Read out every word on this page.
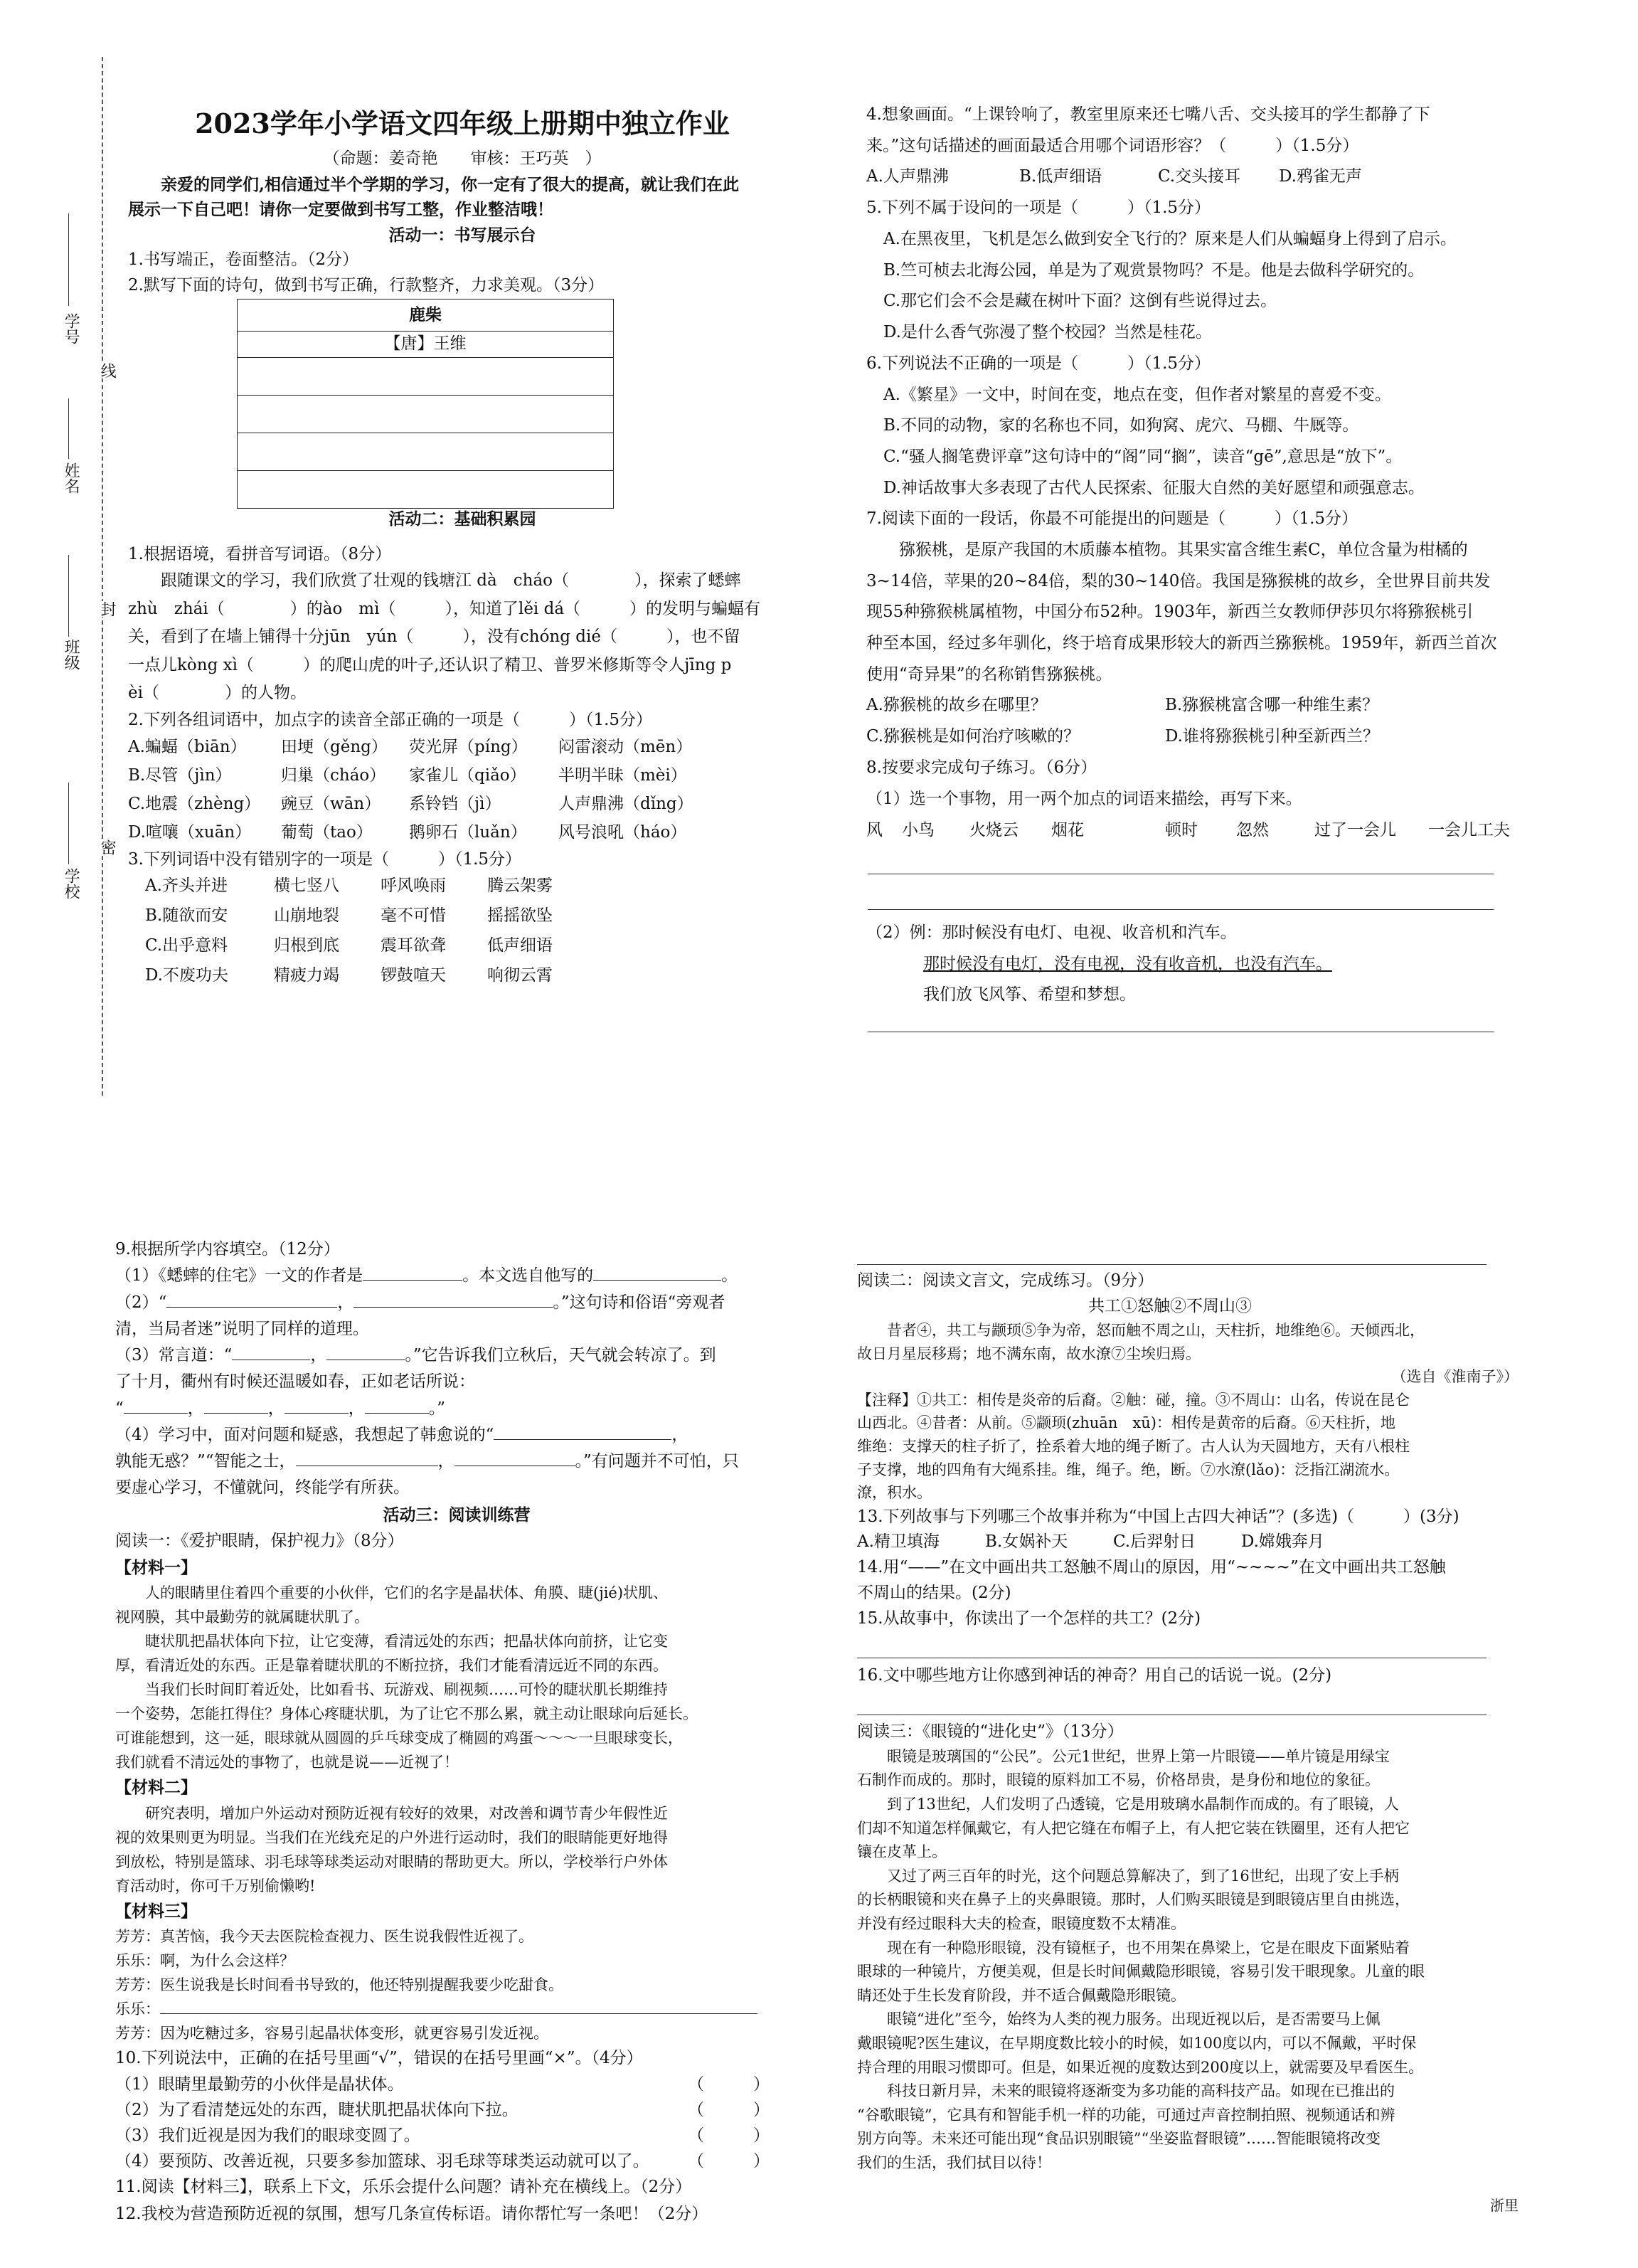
学号
姓名
班级
学校
线
封
密

2023学年小学语文四年级上册期中独立作业

（命题：姜奇艳　　审核：王巧英　）

亲爱的同学们,相信通过半个学期的学习，你一定有了很大的提高，就让我们在此

展示一下自己吧！请你一定要做到书写工整，作业整洁哦！

活动一：书写展示台

1.书写端正，卷面整洁。（2分）

2.默写下面的诗句，做到书写正确，行款整齐，力求美观。（3分）

鹿柴
【唐】王维

活动二：基础积累园

1.根据语境，看拼音写词语。（8分）

跟随课文的学习，我们欣赏了壮观的钱塘江 dà　cháo（　　　　），探索了蟋蟀

zhù　zhái（　　　　）的ào　mì（　　　），知道了lěi dá（　　　）的发明与蝙蝠有

关，看到了在墙上铺得十分jūn　yún（　　　），没有chóng dié（　　　），也不留

一点儿kòng xì（　　　）的爬山虎的叶子,还认识了精卫、普罗米修斯等令人jīng p

èi（　　　　）的人物。

2.下列各组词语中，加点字的读音全部正确的一项是（　　　）（1.5分）

A.蝙蝠（biān） 田埂（gěng） 荧光屏（píng） 闷雷滚动（mēn）
B.尽管（jìn）	归巢（cháo） 家雀儿（qiǎo） 半明半昧（mèi）
C.地震（zhèng） 豌豆（wān） 系铃铛（jì）	人声鼎沸（dǐng）
D.喧嚷（xuān） 葡萄（tao） 鹅卵石（luǎn） 风号浪吼（háo）

3.下列词语中没有错别字的一项是（　　　）（1.5分）

A.齐头并进	横七竖八	呼风唤雨	腾云架雾
B.随欲而安	山崩地裂	毫不可惜	摇摇欲坠
C.出乎意料	归根到底	震耳欲聋	低声细语
D.不废功夫	精疲力竭	锣鼓喧天	响彻云霄

4.想象画面。“上课铃响了，教室里原来还七嘴八舌、交头接耳的学生都静了下

来。”这句话描述的画面最适合用哪个词语形容？（　　　）（1.5分）

A.人声鼎沸	B.低声细语	C.交头接耳 D.鸦雀无声

5.下列不属于设问的一项是（　　　）（1.5分）

A.在黑夜里，飞机是怎么做到安全飞行的？原来是人们从蝙蝠身上得到了启示。

B.竺可桢去北海公园，单是为了观赏景物吗？不是。他是去做科学研究的。

C.那它们会不会是藏在树叶下面？这倒有些说得过去。

D.是什么香气弥漫了整个校园？当然是桂花。

6.下列说法不正确的一项是（　　　）（1.5分）

A.《繁星》一文中，时间在变，地点在变，但作者对繁星的喜爱不变。

B.不同的动物，家的名称也不同，如狗窝、虎穴、马棚、牛厩等。

C.“骚人搁笔费评章”这句诗中的“阁”同“搁”，读音“gē”,意思是“放下”。

D.神话故事大多表现了古代人民探索、征服大自然的美好愿望和顽强意志。

7.阅读下面的一段话，你最不可能提出的问题是（　　　）（1.5分）

猕猴桃，是原产我国的木质藤本植物。其果实富含维生素C，单位含量为柑橘的

3~14倍，苹果的20~84倍，梨的30~140倍。我国是猕猴桃的故乡，全世界目前共发

现55种猕猴桃属植物，中国分布52种。1903年，新西兰女教师伊莎贝尔将猕猴桃引

种至本国，经过多年驯化，终于培育成果形较大的新西兰猕猴桃。1959年，新西兰首次

使用“奇异果”的名称销售猕猴桃。

A.猕猴桃的故乡在哪里？	B.猕猴桃富含哪一种维生素？
C.猕猴桃是如何治疗咳嗽的？	D.谁将猕猴桃引种至新西兰？

8.按要求完成句子练习。（6分）

（1）选一个事物，用一两个加点的词语来描绘，再写下来。

风 小鸟 火烧云 烟花	顿时 忽然	过了一会儿 一会儿工夫

（2）例：那时候没有电灯、电视、收音机和汽车。

那时候没有电灯，没有电视，没有收音机，也没有汽车。

我们放飞风筝、希望和梦想。

9.根据所学内容填空。（12分）

（1）《蟋蟀的住宅》一文的作者是	。本文选自他写的	。

（2）“	，	。”这句诗和俗语“旁观者

清，当局者迷”说明了同样的道理。

（3）常言道：“	，	。”它告诉我们立秋后，天气就会转凉了。到

了十月，衢州有时候还温暖如春，正如老话所说：

“	，	，	，	。”

（4）学习中，面对问题和疑惑，我想起了韩愈说的“	，

孰能无惑？”“智能之士，	，	。”有问题并不可怕，只

要虚心学习，不懂就问，终能学有所获。

活动三：阅读训练营

阅读一：《爱护眼睛，保护视力》（8分）

【材料一】

人的眼睛里住着四个重要的小伙伴，它们的名字是晶状体、角膜、睫(jié)状肌、

视网膜，其中最勤劳的就属睫状肌了。

睫状肌把晶状体向下拉，让它变薄，看清远处的东西；把晶状体向前挤，让它变

厚，看清近处的东西。正是靠着睫状肌的不断拉挤，我们才能看清远近不同的东西。

当我们长时间盯着近处，比如看书、玩游戏、刷视频……可怜的睫状肌长期维持

一个姿势，怎能扛得住？身体心疼睫状肌，为了让它不那么累，就主动让眼球向后延长。

可谁能想到，这一延，眼球就从圆圆的乒乓球变成了椭圆的鸡蛋～～～一旦眼球变长，

我们就看不清远处的事物了，也就是说——近视了！

【材料二】

研究表明，增加户外运动对预防近视有较好的效果，对改善和调节青少年假性近

视的效果则更为明显。当我们在光线充足的户外进行运动时，我们的眼睛能更好地得

到放松，特别是篮球、羽毛球等球类运动对眼睛的帮助更大。所以，学校举行户外体

育活动时，你可千万别偷懒哟!

【材料三】

芳芳：真苦恼，我今天去医院检查视力、医生说我假性近视了。

乐乐：啊，为什么会这样？

芳芳：医生说我是长时间看书导致的，他还特别提醒我要少吃甜食。

乐乐：

芳芳：因为吃糖过多，容易引起晶状体变形，就更容易引发近视。

10.下列说法中，正确的在括号里画“√”，错误的在括号里画“×”。（4分）

（1）眼睛里最勤劳的小伙伴是晶状体。	（　　　）
（2）为了看清楚远处的东西，睫状肌把晶状体向下拉。	（　　　）
（3）我们近视是因为我们的眼球变圆了。	（　　　）
（4）要预防、改善近视，只要多参加篮球、羽毛球等球类运动就可以了。 （　　　）

11.阅读【材料三】，联系上下文，乐乐会提什么问题？请补充在横线上。（2分）

12.我校为营造预防近视的氛围，想写几条宣传标语。请你帮忙写一条吧！（2分）

阅读二：阅读文言文，完成练习。（9分）

共工①怒触②不周山③

昔者④，共工与颛顼⑤争为帝，怒而触不周之山，天柱折，地维绝⑥。天倾西北，

故日月星辰移焉；地不满东南，故水潦⑦尘埃归焉。

（选自《淮南子》）

【注释】①共工：相传是炎帝的后裔。②触：碰，撞。③不周山：山名，传说在昆仑

山西北。④昔者：从前。⑤颛顼(zhuān　xū)：相传是黄帝的后裔。⑥天柱折，地

维绝：支撑天的柱子折了，拴系着大地的绳子断了。古人认为天圆地方，天有八根柱

子支撑，地的四角有大绳系挂。维，绳子。绝，断。⑦水潦(lǎo)：泛指江湖流水。

潦，积水。

13.下列故事与下列哪三个故事并称为“中国上古四大神话”？(多选)（　　　）(3分)

A.精卫填海	B.女娲补天	C.后羿射日	D.嫦娥奔月

14.用“——”在文中画出共工怒触不周山的原因，用“~~~~”在文中画出共工怒触

不周山的结果。(2分)

15.从故事中，你读出了一个怎样的共工？(2分)

16.文中哪些地方让你感到神话的神奇？用自己的话说一说。(2分)

阅读三：《眼镜的“进化史”》（13分）

眼镜是玻璃国的“公民”。公元1世纪，世界上第一片眼镜——单片镜是用绿宝

石制作而成的。那时，眼镜的原料加工不易，价格昂贵，是身份和地位的象征。

到了13世纪，人们发明了凸透镜，它是用玻璃水晶制作而成的。有了眼镜，人

们却不知道怎样佩戴它，有人把它缝在布帽子上，有人把它装在铁圈里，还有人把它

镶在皮革上。

又过了两三百年的时光，这个问题总算解决了，到了16世纪，出现了安上手柄

的长柄眼镜和夹在鼻子上的夹鼻眼镜。那时，人们购买眼镜是到眼镜店里自由挑选，

并没有经过眼科大夫的检查，眼镜度数不太精准。

现在有一种隐形眼镜，没有镜框子，也不用架在鼻梁上，它是在眼皮下面紧贴着

眼球的一种镜片，方便美观，但是长时间佩戴隐形眼镜，容易引发干眼现象。儿童的眼

睛还处于生长发育阶段，并不适合佩戴隐形眼镜。

眼镜“进化”至今，始终为人类的视力服务。出现近视以后，是否需要马上佩

戴眼镜呢?医生建议，在早期度数比较小的时候，如100度以内，可以不佩戴，平时保

持合理的用眼习惯即可。但是，如果近视的度数达到200度以上，就需要及早看医生。

科技日新月异，未来的眼镜将逐渐变为多功能的高科技产品。如现在已推出的

“谷歌眼镜”，它具有和智能手机一样的功能，可通过声音控制拍照、视频通话和辨

别方向等。未来还可能出现“食品识别眼镜”“坐姿监督眼镜”……智能眼镜将改变

我们的生活，我们拭目以待！

浙里
